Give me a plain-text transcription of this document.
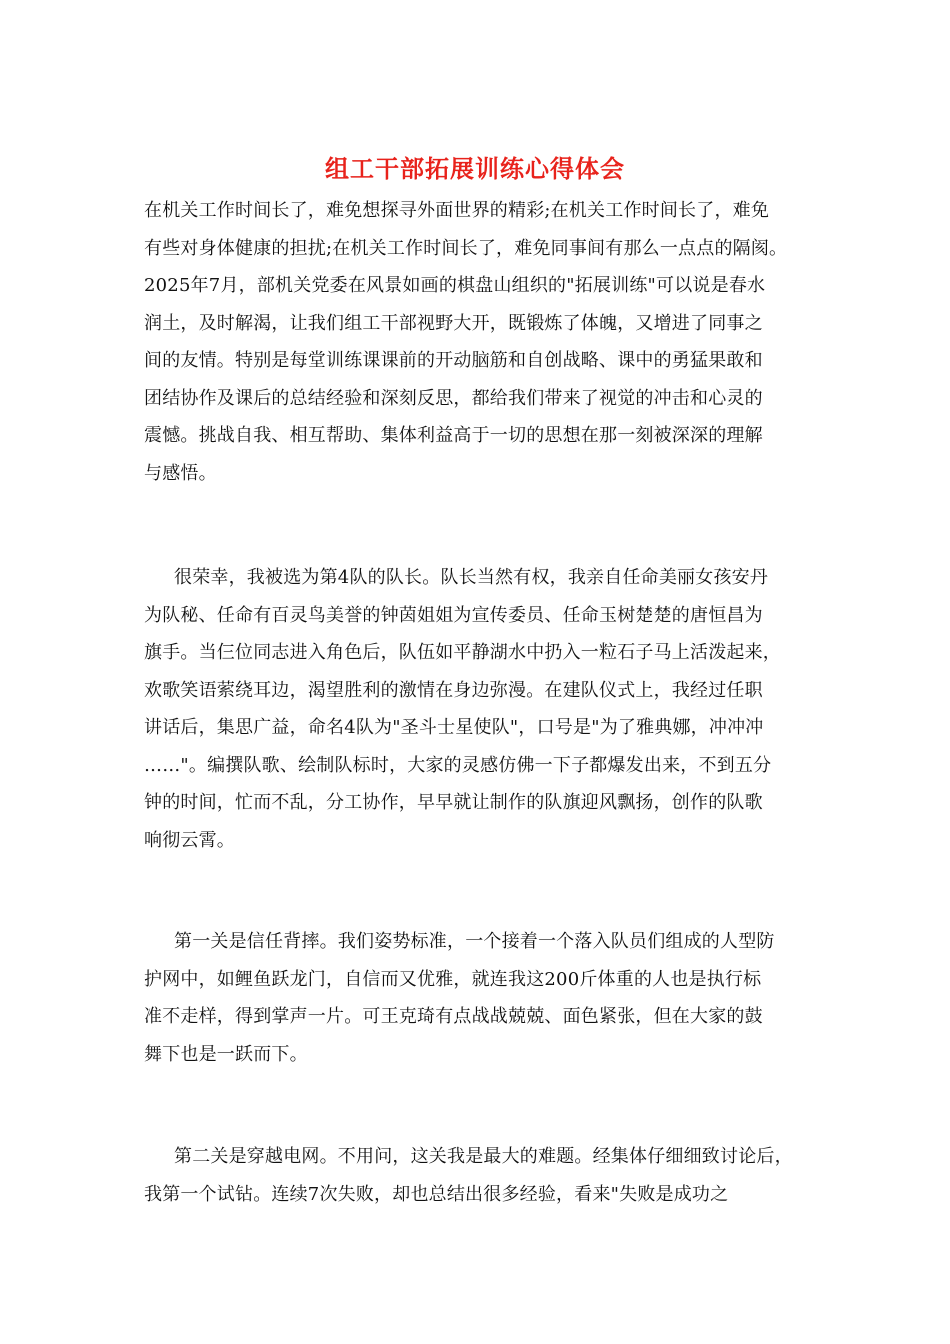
组工干部拓展训练心得体会
在机关工作时间长了，难免想探寻外面世界的精彩;在机关工作时间长了，难免
有些对身体健康的担扰;在机关工作时间长了，难免同事间有那么一点点的隔阂。
2025年7月，部机关党委在风景如画的棋盘山组织的"拓展训练"可以说是春水
润土，及时解渴，让我们组工干部视野大开，既锻炼了体魄，又增进了同事之
间的友情。特别是每堂训练课课前的开动脑筋和自创战略、课中的勇猛果敢和
团结协作及课后的总结经验和深刻反思，都给我们带来了视觉的冲击和心灵的
震憾。挑战自我、相互帮助、集体利益高于一切的思想在那一刻被深深的理解
与感悟。
很荣幸，我被选为第4队的队长。队长当然有权，我亲自任命美丽女孩安丹
为队秘、任命有百灵鸟美誉的钟茵姐姐为宣传委员、任命玉树楚楚的唐恒昌为
旗手。当仨位同志进入角色后，队伍如平静湖水中扔入一粒石子马上活泼起来，
欢歌笑语萦绕耳边，渴望胜利的激情在身边弥漫。在建队仪式上，我经过任职
讲话后，集思广益，命名4队为"圣斗士星使队"，口号是"为了雅典娜，冲冲冲
……"。编撰队歌、绘制队标时，大家的灵感仿佛一下子都爆发出来，不到五分
钟的时间，忙而不乱，分工协作，早早就让制作的队旗迎风飘扬，创作的队歌
响彻云霄。
第一关是信任背摔。我们姿势标准，一个接着一个落入队员们组成的人型防
护网中，如鲤鱼跃龙门，自信而又优雅，就连我这200斤体重的人也是执行标
准不走样，得到掌声一片。可王克琦有点战战兢兢、面色紧张，但在大家的鼓
舞下也是一跃而下。
第二关是穿越电网。不用问，这关我是最大的难题。经集体仔细细致讨论后，
我第一个试钻。连续7次失败，却也总结出很多经验，看来"失败是成功之
